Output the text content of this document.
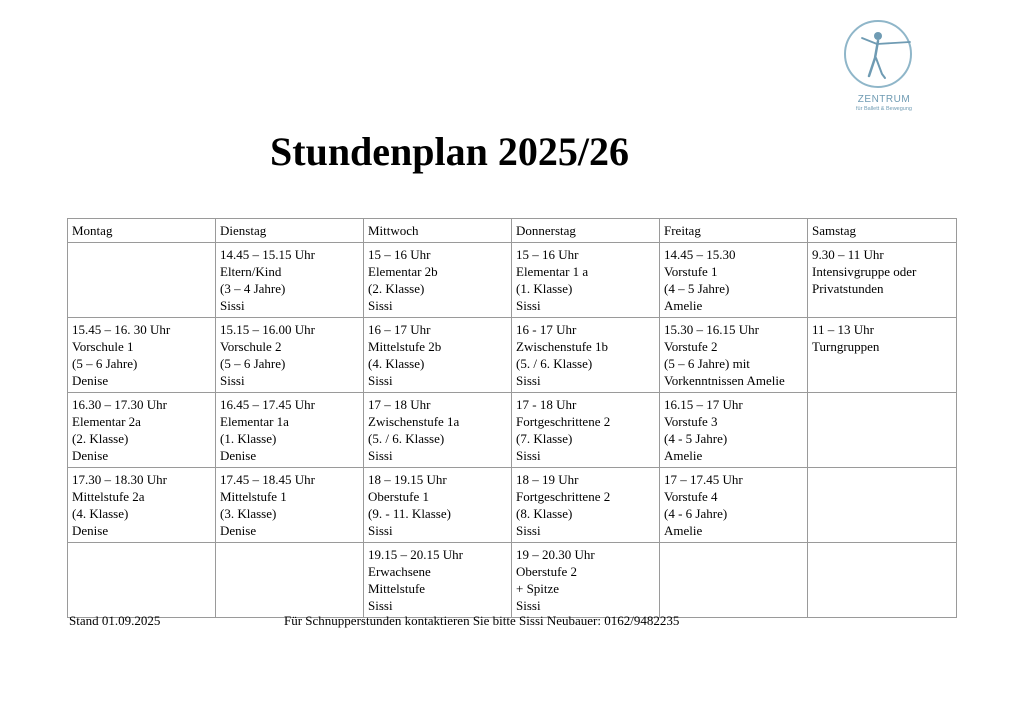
ZENTRUM
für Ballett & Bewegung
Stundenplan 2025/26
Montag	Dienstag	Mittwoch	Donnerstag	Freitag	Samstag

	14.45 – 15.15 Uhr
Eltern/Kind
(3 – 4 Jahre)
Sissi	15 – 16 Uhr
Elementar 2b
(2. Klasse)
Sissi	15 – 16 Uhr
Elementar 1 a
(1. Klasse)
Sissi	14.45 – 15.30
Vorstufe 1
(4 – 5 Jahre)
Amelie	9.30 – 11 Uhr
Intensivgruppe oder
Privatstunden

15.45 – 16. 30 Uhr
Vorschule 1
(5 – 6 Jahre)
Denise	15.15 – 16.00 Uhr
Vorschule 2
(5 – 6 Jahre)
Sissi	16 – 17 Uhr
Mittelstufe 2b
(4. Klasse)
Sissi	16 - 17 Uhr
Zwischenstufe 1b
(5. / 6. Klasse)
Sissi	15.30 – 16.15 Uhr
Vorstufe 2
(5 – 6 Jahre) mit
Vorkenntnissen Amelie	11 – 13 Uhr
Turngruppen

16.30 – 17.30 Uhr
Elementar 2a
(2. Klasse)
Denise	16.45 – 17.45 Uhr
Elementar 1a
(1. Klasse)
Denise	17 – 18 Uhr
Zwischenstufe 1a
(5. / 6. Klasse)
Sissi	17 - 18 Uhr
Fortgeschrittene 2
(7. Klasse)
Sissi	16.15 – 17 Uhr
Vorstufe 3
(4 - 5 Jahre)
Amelie	

17.30 – 18.30 Uhr
Mittelstufe 2a
(4. Klasse)
Denise	17.45 – 18.45 Uhr
Mittelstufe 1
(3. Klasse)
Denise	18 – 19.15 Uhr
Oberstufe 1
(9. - 11. Klasse)
Sissi	18 – 19 Uhr
Fortgeschrittene 2
(8. Klasse)
Sissi	17 – 17.45 Uhr
Vorstufe 4
(4 - 6 Jahre)
Amelie	

		19.15 – 20.15 Uhr
Erwachsene
Mittelstufe
Sissi	19 – 20.30 Uhr
Oberstufe 2
+ Spitze
Sissi		

Stand 01.09.2025	Für Schnupperstunden kontaktieren Sie bitte Sissi Neubauer: 0162/9482235
